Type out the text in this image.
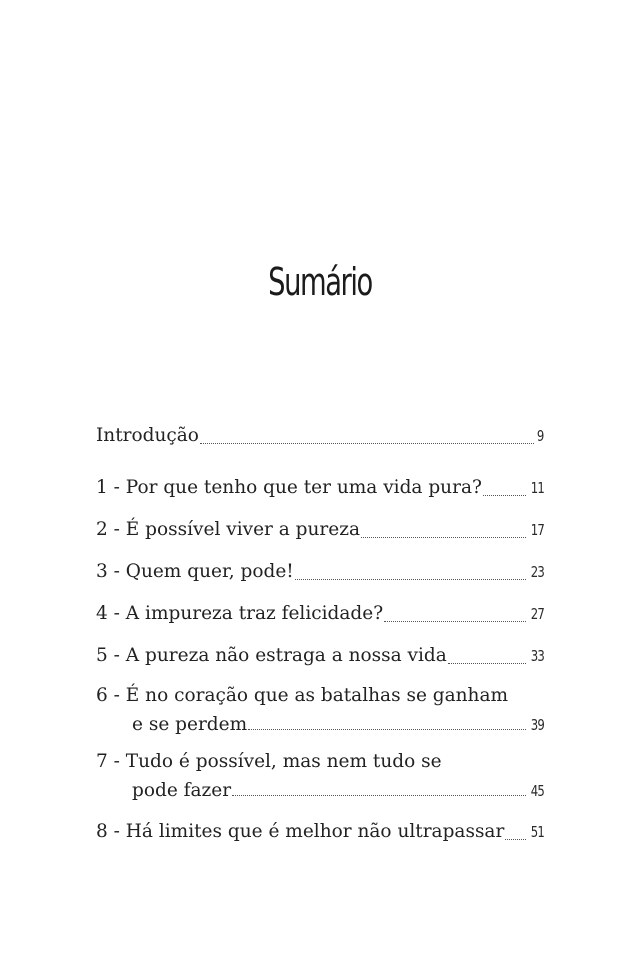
Sumário
Introdução	9
1 - Por que tenho que ter uma vida pura?	11
2 - É possível viver a pureza	17
3 - Quem quer, pode!	23
4 - A impureza traz felicidade?	27
5 - A pureza não estraga a nossa vida	33
6 - É no coração que as batalhas se ganham
e se perdem	39
7 - Tudo é possível, mas nem tudo se
pode fazer	45
8 - Há limites que é melhor não ultrapassar 51
